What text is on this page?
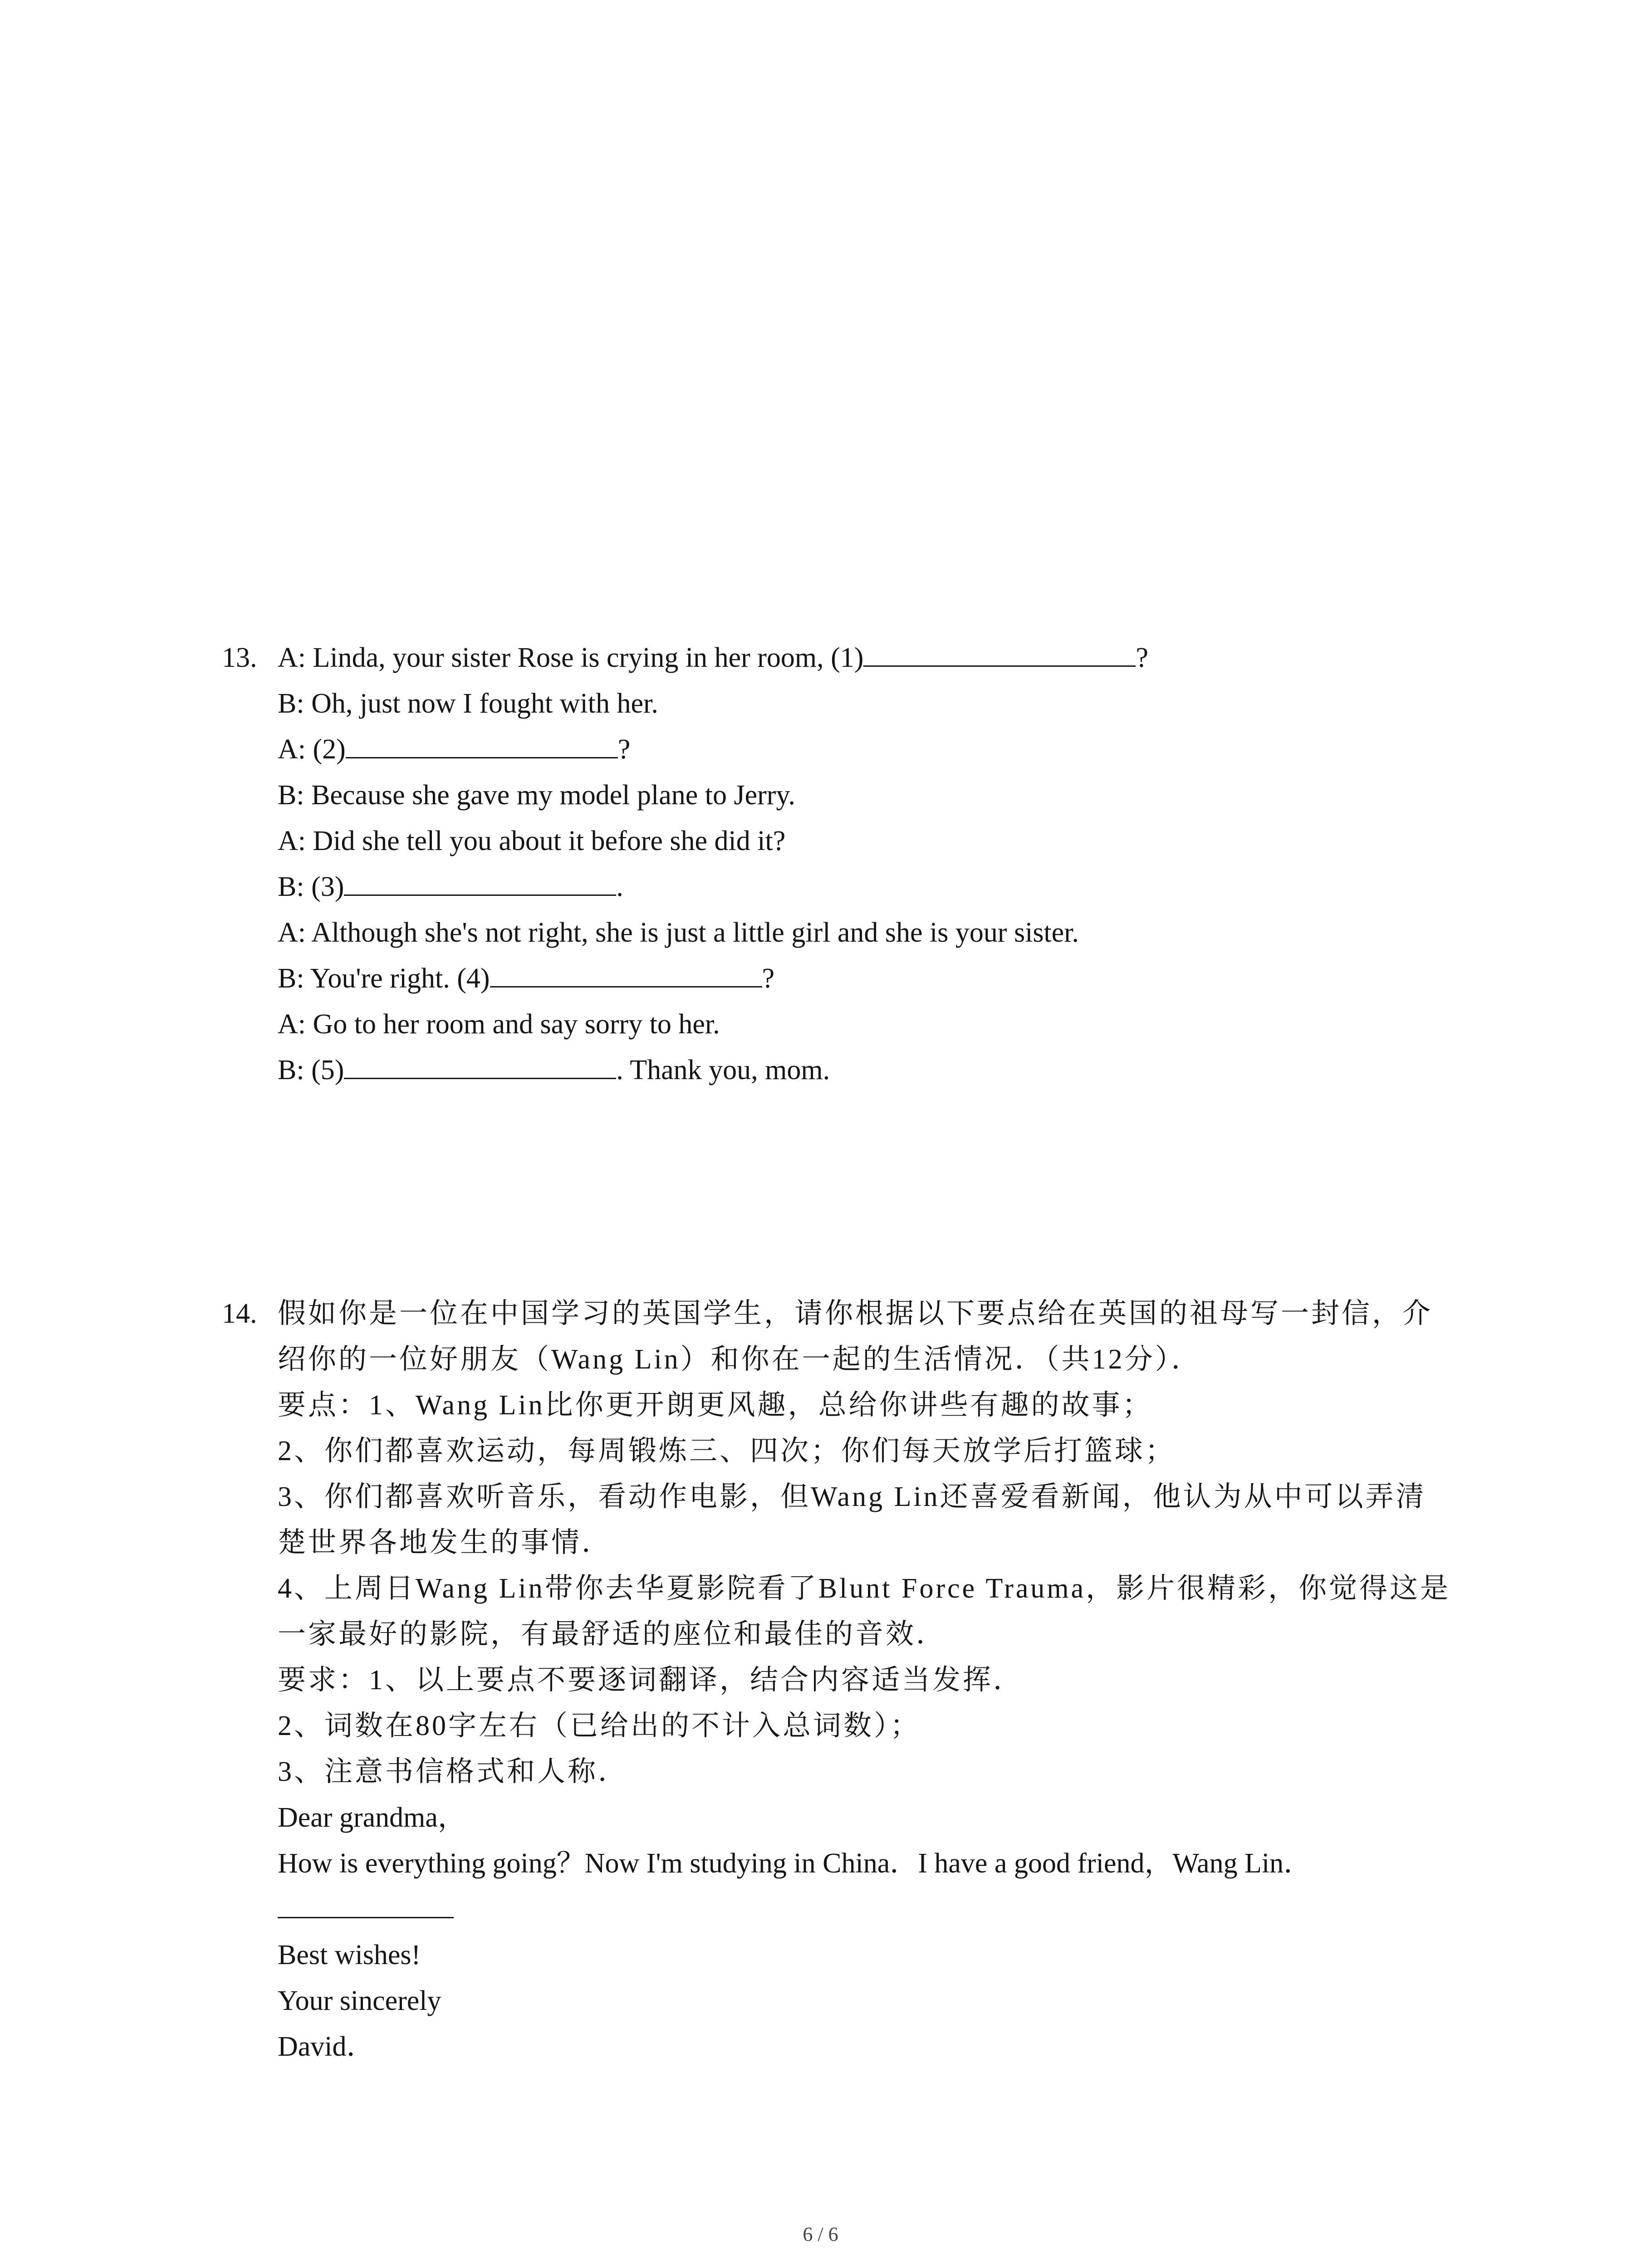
13. A: Linda, your sister Rose is crying in her room, (1)	?
B: Oh, just now I fought with her.
A: (2)	?
B: Because she gave my model plane to Jerry.
A: Did she tell you about it before she did it?
B: (3)	.
A: Although she's not right, she is just a little girl and she is your sister.
B: You're right. (4)	?
A: Go to her room and say sorry to her.
B: (5)	. Thank you, mom.
14. 假如你是一位在中国学习的英国学生，请你根据以下要点给在英国的祖母写一封信，介
绍你的一位好朋友（Wang Lin）和你在一起的生活情况．（共12分）．
要点：1、Wang Lin比你更开朗更风趣，总给你讲些有趣的故事；
2、你们都喜欢运动，每周锻炼三、四次；你们每天放学后打篮球；
3、你们都喜欢听音乐，看动作电影，但Wang Lin还喜爱看新闻，他认为从中可以弄清
楚世界各地发生的事情．
4、上周日Wang Lin带你去华夏影院看了Blunt Force Trauma，影片很精彩，你觉得这是
一家最好的影院，有最舒适的座位和最佳的音效．
要求：1、以上要点不要逐词翻译，结合内容适当发挥．
2、词数在80字左右（已给出的不计入总词数）；
3、注意书信格式和人称．
Dear grandma，
How is everything going？Now I'm studying in China．I have a good friend，Wang Lin．
Best wishes!
Your sincerely
David．
6 / 6
